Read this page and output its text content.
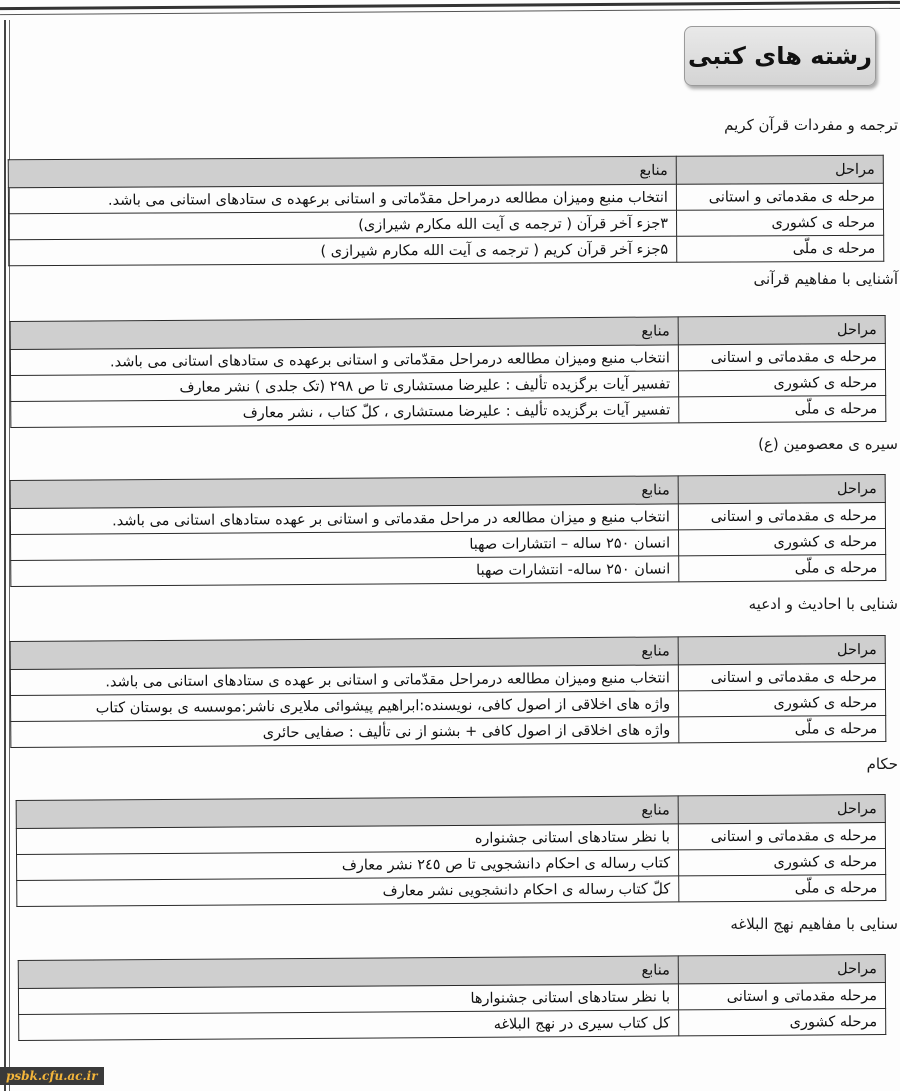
رشته های کتبی
ترجمه و مفردات قرآن کریم
مراحل	منابع
مرحله ی مقدماتی و استانی	انتخاب منبع ومیزان مطالعه درمراحل مقدّماتی و استانی برعهده ی ستادهای استانی می باشد.
مرحله ی کشوری	۳جزء آخر قرآن ( ترجمه ی آیت الله مکارم شیرازی)
مرحله ی ملّی	۵جزء آخر قرآن کریم ( ترجمه ی آیت الله مکارم شیرازی )
آشنایی با مفاهیم قرآنی
مراحل	منابع
مرحله ی مقدماتی و استانی	انتخاب منبع ومیزان مطالعه درمراحل مقدّماتی و استانی برعهده ی ستادهای استانی می باشد.
مرحله ی کشوری	تفسیر آیات برگزیده تألیف : علیرضا مستشاری تا ص ۲۹۸ (تک جلدی ) نشر معارف
مرحله ی ملّی	تفسیر آیات برگزیده تألیف : علیرضا مستشاری ، کلّ کتاب ، نشر معارف
سیره ی معصومین (ع)
مراحل	منابع
مرحله ی مقدماتی و استانی	انتخاب منبع و میزان مطالعه در مراحل مقدماتی و استانی بر عهده ستادهای استانی می باشد.
مرحله ی کشوری	انسان ۲۵۰ ساله – انتشارات صهبا
مرحله ی ملّی	انسان ۲۵۰ ساله- انتشارات صهبا
شنایی با احادیث و ادعیه
مراحل	منابع
مرحله ی مقدماتی و استانی	انتخاب منبع ومیزان مطالعه درمراحل مقدّماتی و استانی بر عهده ی ستادهای استانی می باشد.
مرحله ی کشوری	واژه های اخلاقی از اصول کافی، نویسنده:ابراهیم پیشوائی ملایری ناشر:موسسه ی بوستان کتاب
مرحله ی ملّی	واژه های اخلاقی از اصول کافی + بشنو از نی تألیف : صفایی حائری
حکام
مراحل	منابع
مرحله ی مقدماتی و استانی	با نظر ستادهای استانی جشنواره
مرحله ی کشوری	کتاب رساله ی احکام دانشجویی تا ص ۲٤٥ نشر معارف
مرحله ی ملّی	کلّ کتاب رساله ی احکام دانشجویی نشر معارف
سنایی با مفاهیم نهج البلاغه
مراحل	منابع
مرحله مقدماتی و استانی	با نظر ستادهای استانی جشنوارها
مرحله کشوری	کل کتاب سیری در نهج البلاغه
psbk.cfu.ac.ir
